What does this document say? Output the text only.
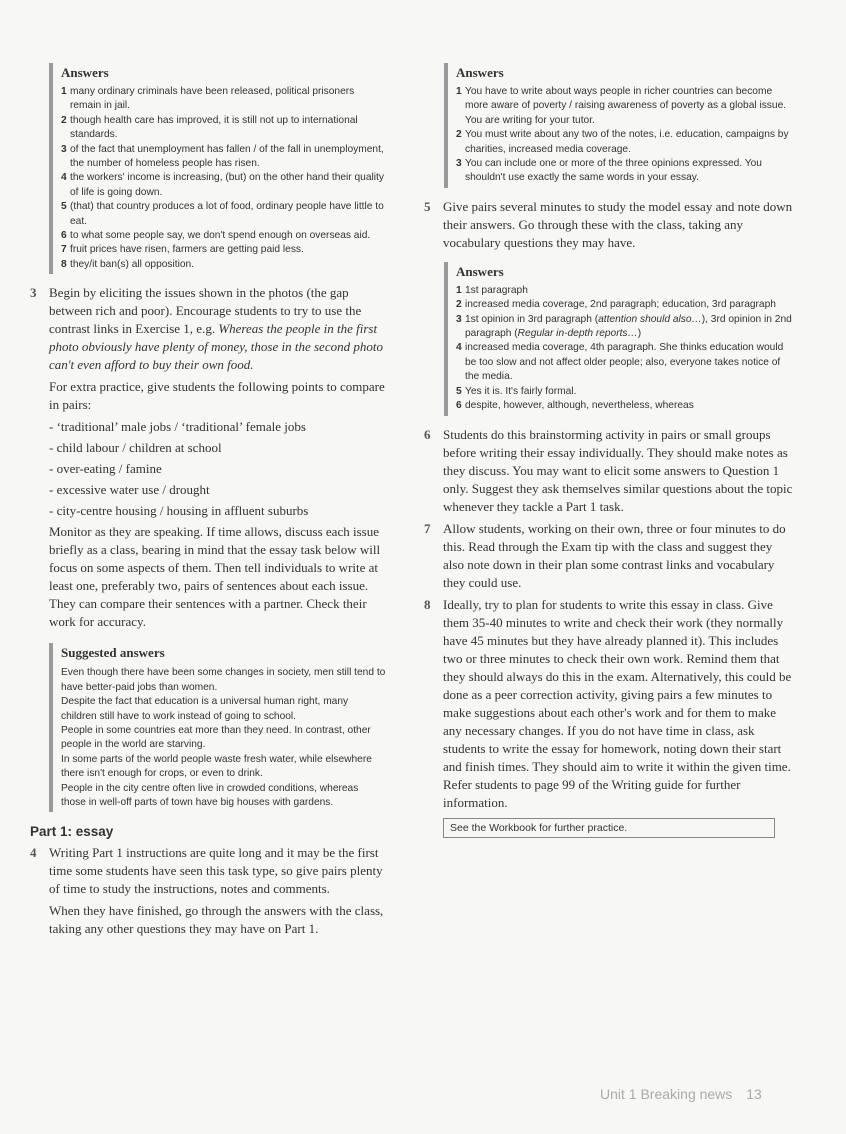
Answers
1 many ordinary criminals have been released, political prisoners remain in jail.
2 though health care has improved, it is still not up to international standards.
3 of the fact that unemployment has fallen / of the fall in unemployment, the number of homeless people has risen.
4 the workers' income is increasing, (but) on the other hand their quality of life is going down.
5 (that) that country produces a lot of food, ordinary people have little to eat.
6 to what some people say, we don't spend enough on overseas aid.
7 fruit prices have risen, farmers are getting paid less.
8 they/it ban(s) all opposition.
3 Begin by eliciting the issues shown in the photos (the gap between rich and poor). Encourage students to try to use the contrast links in Exercise 1, e.g. Whereas the people in the first photo obviously have plenty of money, those in the second photo can't even afford to buy their own food.

For extra practice, give students the following points to compare in pairs:

- ‘traditional’ male jobs / ‘traditional’ female jobs

- child labour / children at school

- over-eating / famine

- excessive water use / drought

- city-centre housing / housing in affluent suburbs

Monitor as they are speaking. If time allows, discuss each issue briefly as a class, bearing in mind that the essay task below will focus on some aspects of them. Then tell individuals to write at least one, preferably two, pairs of sentences about each issue. They can compare their sentences with a partner. Check their work for accuracy.

Suggested answers

Even though there have been some changes in society, men still tend to have better-paid jobs than women.

Despite the fact that education is a universal human right, many children still have to work instead of going to school.

People in some countries eat more than they need. In contrast, other people in the world are starving.

In some parts of the world people waste fresh water, while elsewhere there isn't enough for crops, or even to drink.

People in the city centre often live in crowded conditions, whereas those in well-off parts of town have big houses with gardens.

Part 1: essay
4 Writing Part 1 instructions are quite long and it may be the first time some students have seen this task type, so give pairs plenty of time to study the instructions, notes and comments.

When they have finished, go through the answers with the class, taking any other questions they may have on Part 1.

Answers
1 You have to write about ways people in richer countries can become more aware of poverty / raising awareness of poverty as a global issue. You are writing for your tutor.
2 You must write about any two of the notes, i.e. education, campaigns by charities, increased media coverage.
3 You can include one or more of the three opinions expressed. You shouldn't use exactly the same words in your essay.
5 Give pairs several minutes to study the model essay and note down their answers. Go through these with the class, taking any vocabulary questions they may have.
Answers
1 1st paragraph
2 increased media coverage, 2nd paragraph; education, 3rd paragraph
3 1st opinion in 3rd paragraph (attention should also…), 3rd opinion in 2nd paragraph (Regular in-depth reports…)
4 increased media coverage, 4th paragraph. She thinks education would be too slow and not affect older people; also, everyone takes notice of the media.
5 Yes it is. It's fairly formal.
6 despite, however, although, nevertheless, whereas
6 Students do this brainstorming activity in pairs or small groups before writing their essay individually. They should make notes as they discuss. You may want to elicit some answers to Question 1 only. Suggest they ask themselves similar questions about the topic whenever they tackle a Part 1 task.
7 Allow students, working on their own, three or four minutes to do this. Read through the Exam tip with the class and suggest they also note down in their plan some contrast links and vocabulary they could use.
8 Ideally, try to plan for students to write this essay in class. Give them 35-40 minutes to write and check their work (they normally have 45 minutes but they have already planned it). This includes two or three minutes to check their own work. Remind them that they should always do this in the exam. Alternatively, this could be done as a peer correction activity, giving pairs a few minutes to make suggestions about each other's work and for them to make any necessary changes. If you do not have time in class, ask students to write the essay for homework, noting down their start and finish times. They should aim to write it within the given time. Refer students to page 99 of the Writing guide for further information.
See the Workbook for further practice.
Unit 1 Breaking news 13
